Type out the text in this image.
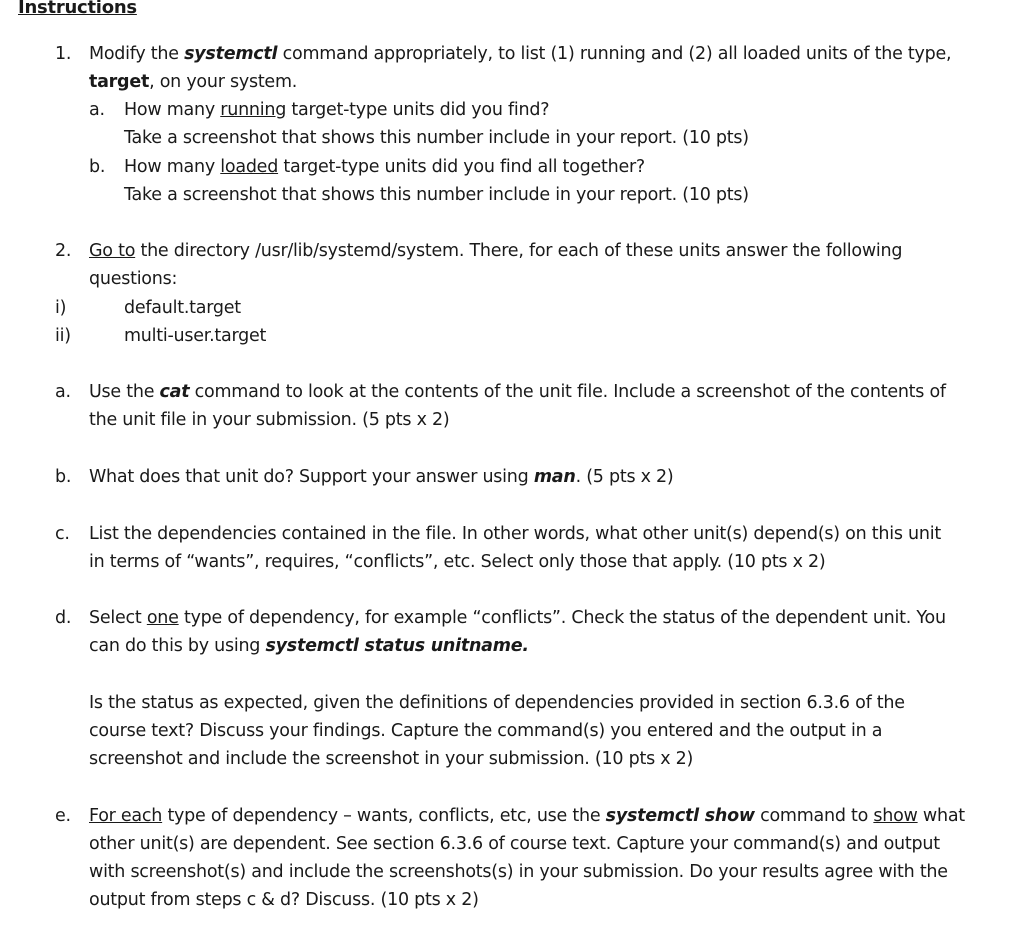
Instructions
1. Modify the systemctl command appropriately, to list (1) running and (2) all loaded units of the type,
target, on your system.
a. How many running target-type units did you find?
Take a screenshot that shows this number include in your report. (10 pts)
b. How many loaded target-type units did you find all together?
Take a screenshot that shows this number include in your report. (10 pts)
2. Go to the directory /usr/lib/systemd/system. There, for each of these units answer the following
questions:
i)	default.target
ii)	multi-user.target
a. Use the cat command to look at the contents of the unit file. Include a screenshot of the contents of
the unit file in your submission. (5 pts x 2)
b. What does that unit do? Support your answer using man. (5 pts x 2)
c. List the dependencies contained in the file. In other words, what other unit(s) depend(s) on this unit
in terms of “wants”, requires, “conflicts”, etc. Select only those that apply. (10 pts x 2)
d. Select one type of dependency, for example “conflicts”. Check the status of the dependent unit. You
can do this by using systemctl status unitname.
Is the status as expected, given the definitions of dependencies provided in section 6.3.6 of the
course text? Discuss your findings. Capture the command(s) you entered and the output in a
screenshot and include the screenshot in your submission. (10 pts x 2)
e. For each type of dependency – wants, conflicts, etc, use the systemctl show command to show what
other unit(s) are dependent. See section 6.3.6 of course text. Capture your command(s) and output
with screenshot(s) and include the screenshots(s) in your submission. Do your results agree with the
output from steps c & d? Discuss. (10 pts x 2)
